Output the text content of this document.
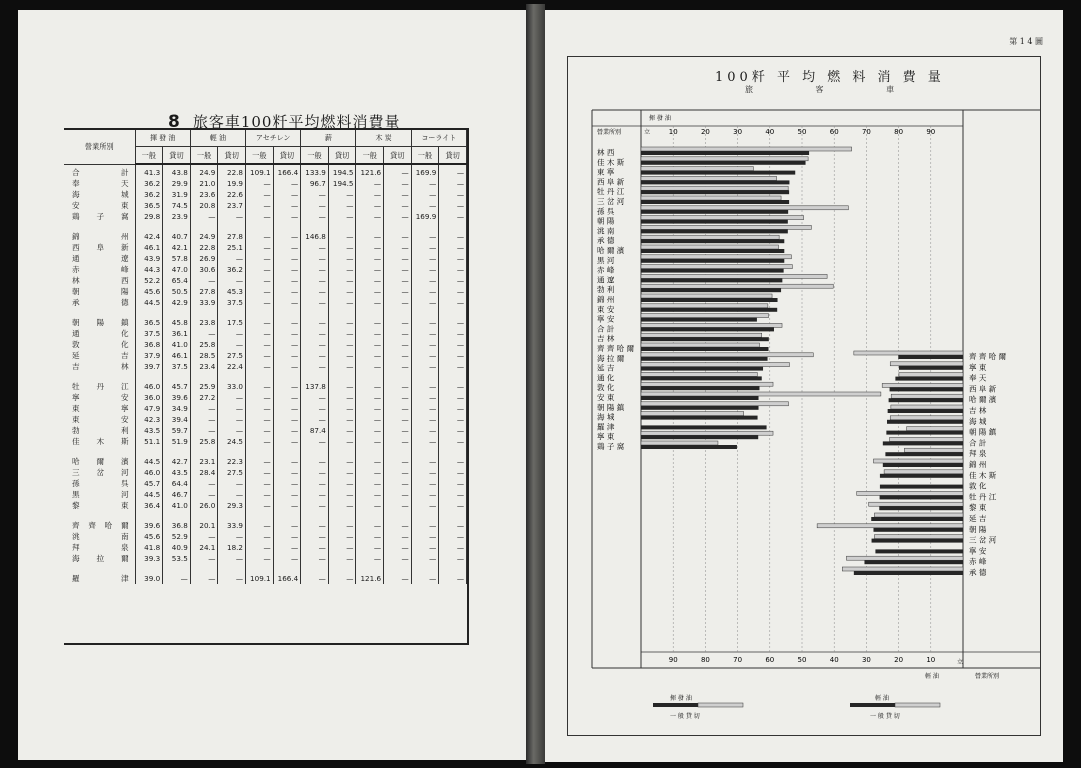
8 旅客車100粁平均燃料消費量
營業所別	揮 發 油		輕 油		アセチレン		薪		木 炭		コーライト	
	一般	貸切	一般	貸切	一般	貸切	一般	貸切	一般	貸切	一般	貸切
合 計	41.3	43.8	24.9	22.8	109.1	166.4	133.9	194.5	121.6	—	169.9	—
奉 天	36.2	29.9	21.0	19.9	—	—	96.7	194.5	—	—	—	—
海 城	36.2	31.9	23.6	22.6	—	—	—	—	—	—	—	—
安 東	36.5	74.5	20.8	23.7	—	—	—	—	—	—	—	—
鶏 子 窩	29.8	23.9	—	—	—	—	—	—	—	—	169.9	—

錦 州	42.4	40.7	24.9	27.8	—	—	146.8	—	—	—	—	—
西 阜 新	46.1	42.1	22.8	25.1	—	—	—	—	—	—	—	—
通 遼	43.9	57.8	26.9	—	—	—	—	—	—	—	—	—
赤 峰	44.3	47.0	30.6	36.2	—	—	—	—	—	—	—	—
林 西	52.2	65.4	—	—	—	—	—	—	—	—	—	—
朝 陽	45.6	50.5	27.8	45.3	—	—	—	—	—	—	—	—
承 德	44.5	42.9	33.9	37.5	—	—	—	—	—	—	—	—

朝 陽 鎮	36.5	45.8	23.8	17.5	—	—	—	—	—	—	—	—
通 化	37.5	36.1	—	—	—	—	—	—	—	—	—	—
敦 化	36.8	41.0	25.8	—	—	—	—	—	—	—	—	—
延 吉	37.9	46.1	28.5	27.5	—	—	—	—	—	—	—	—
吉 林	39.7	37.5	23.4	22.4	—	—	—	—	—	—	—	—

牡 丹 江	46.0	45.7	25.9	33.0	—	—	137.8	—	—	—	—	—
寧 安	36.0	39.6	27.2	—	—	—	—	—	—	—	—	—
東 寧	47.9	34.9	—	—	—	—	—	—	—	—	—	—
東 安	42.3	39.4	—	—	—	—	—	—	—	—	—	—
勃 利	43.5	59.7	—	—	—	—	87.4	—	—	—	—	—
佳 木 斯	51.1	51.9	25.8	24.5	—	—	—	—	—	—	—	—

哈 爾 濱	44.5	42.7	23.1	22.3	—	—	—	—	—	—	—	—
三 岔 河	46.0	43.5	28.4	27.5	—	—	—	—	—	—	—	—
孫 呉	45.7	64.4	—	—	—	—	—	—	—	—	—	—
黒 河	44.5	46.7	—	—	—	—	—	—	—	—	—	—
黎 東	36.4	41.0	26.0	29.3	—	—	—	—	—	—	—	—

齊 齊 哈 爾	39.6	36.8	20.1	33.9	—	—	—	—	—	—	—	—
洮 南	45.6	52.9	—	—	—	—	—	—	—	—	—	—
拜 泉	41.8	40.9	24.1	18.2	—	—	—	—	—	—	—	—
海 拉 爾	39.3	53.5	—	—	—	—	—	—	—	—	—	—

羅 津	39.0	—	—	—	109.1	166.4	—	—	121.6	—	—	—
第 1 4 圖
100粁 平 均 燃 料 消 費 量
旅 客 車
營業所別
揮 發 油
立
輕 油
立
營業所別
10	20	30	40	50	60	70	80	90
10
20
30
40
50
60
70
80
90
林 西
佳 木 斯
東 寧
西 阜 新
牡 丹 江
三 岔 河
孫 呉
朝 陽
洮 南
承 德
哈 爾 濱
黒 河
赤 峰
通 遼
勃 利
錦 州
東 安
寧 安
合 計
吉 林
齊 齊 哈 爾
海 拉 爾
延 吉
通 化
敦 化
安 東
朝 陽 鎮
海 城
羅 津
寧 東
鶏 子 窩
齊 齊 哈 爾
寧 東
奉 天
西 阜 新
哈 爾 濱
吉 林
海 城
朝 陽 鎮
合 計
拜 泉
錦 州
佳 木 斯
敦 化
牡 丹 江
黎 東
延 吉
朝 陽
三 岔 河
寧 安
赤 峰
承 德
揮 發 油
一 般 貸 切
輕 油
一 般 貸 切
